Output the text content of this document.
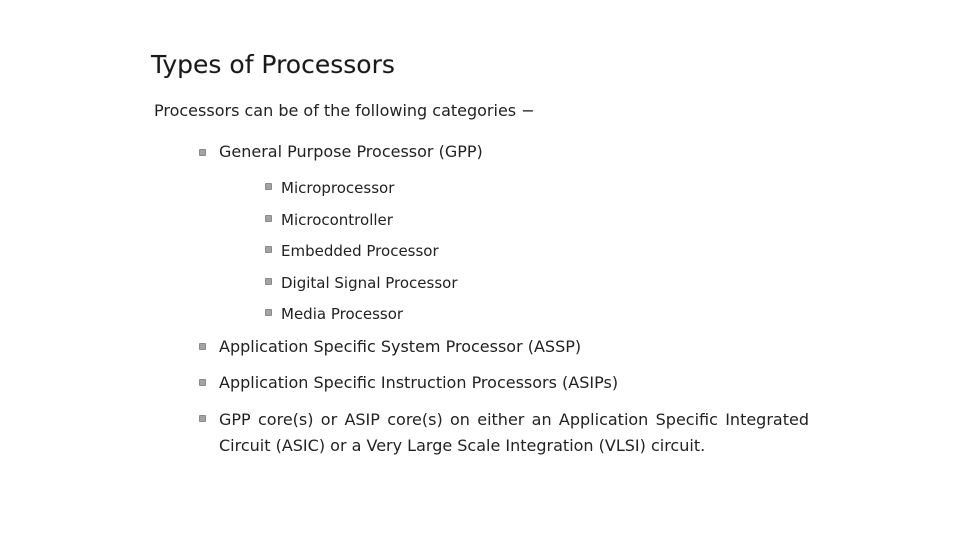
Types of Processors
Processors can be of the following categories −
General Purpose Processor (GPP)
Microprocessor
Microcontroller
Embedded Processor
Digital Signal Processor
Media Processor
Application Specific System Processor (ASSP)
Application Specific Instruction Processors (ASIPs)
GPP core(s) or ASIP core(s) on either an Application Specific Integrated Circuit (ASIC) or a Very Large Scale Integration (VLSI) circuit.
